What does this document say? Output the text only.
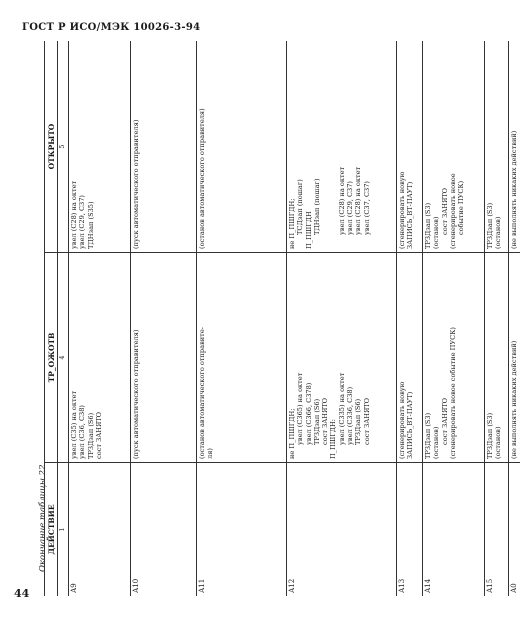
ГОСТ Р ИСО/МЭК 10026-3-94
Окончание таблицы 22
44
ДЕЙСТВИЕ
ТР_ОЖОТВ
ОТКРЫТО
1
4
5
А9
увел (С35) на октет увел (С36, С38) ТРЗДзап (S6) сост ЗАНЯТО
увел (С28) на октет увел (С29, С37) ТДНзап (S35)
А10
(пуск автоматического отправителя)
(пуск автоматического отправителя)
А11
(останов автоматического отправите- ля)
(останов автоматического отправителя)
А12
не П_ПШГДН; увел (С365) на октет увел (С366, С378) ТРЗДзап (S6) сост ЗАНЯТО П_ПШГДН: увел (С335) на октет увел (С336, С38) ТРЗДзап (S6) сост ЗАНЯТО
не П_ПШГДН; ТСДзап (пошаг) П_ПШГДН ТДНзап (пошаг)

	увел (С28) на октет увел (С29, С37) увел (С28) на октет увел (С37, С37)
А13
(сгенерировать новую ЗАПИСЬ_ВТ-ПАУТ)
(сгенерировать новую ЗАПИСЬ_ВТ-ПАУТ)
А14
ТРЗДзап (S3) (останов) сост ЗАНЯТО (сгенерировать новое событие ПУСК)
ТРЗДзап (S3) (останов) сост ЗАНЯТО (сгенерировать новое событие ПУСК)
А15
ТРЗДзап (S3) (останов)
ТРЗДзап (S3) (останов)
А0
(не выполнять никаких действий)
(не выполнять никаких действий)
